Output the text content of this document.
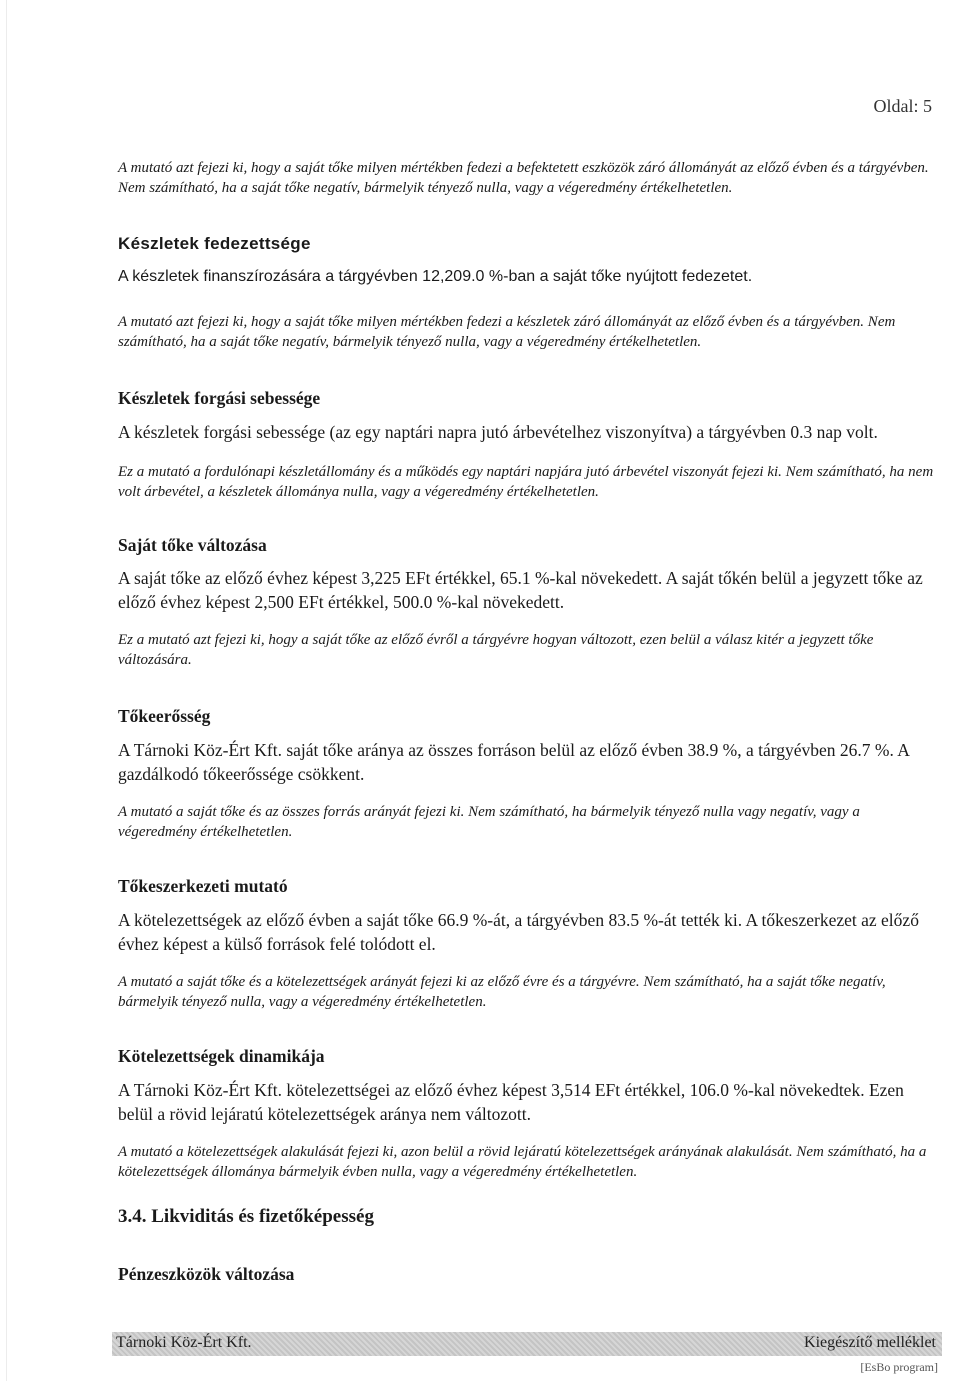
Oldal: 5
A mutató azt fejezi ki, hogy a saját tőke milyen mértékben fedezi a befektetett eszközök záró állományát az előző évben és a tárgyévben. Nem számítható, ha a saját tőke negatív, bármelyik tényező nulla, vagy a végeredmény értékelhetetlen.
Készletek fedezettsége
A készletek finanszírozására a tárgyévben 12,209.0 %-ban a saját tőke nyújtott fedezetet.
A mutató azt fejezi ki, hogy a saját tőke milyen mértékben fedezi a készletek záró állományát az előző évben és a tárgyévben. Nem számítható, ha a saját tőke negatív, bármelyik tényező nulla, vagy a végeredmény értékelhetetlen.
Készletek forgási sebessége
A készletek forgási sebessége (az egy naptári napra jutó árbevételhez viszonyítva) a tárgyévben 0.3 nap volt.
Ez a mutató a fordulónapi készletállomány és a működés egy naptári napjára jutó árbevétel viszonyát fejezi ki. Nem számítható, ha nem volt árbevétel, a készletek állománya nulla, vagy a végeredmény értékelhetetlen.
Saját tőke változása
A saját tőke az előző évhez képest 3,225 EFt értékkel, 65.1 %-kal növekedett. A saját tőkén belül a jegyzett tőke az előző évhez képest 2,500 EFt értékkel, 500.0 %-kal növekedett.
Ez a mutató azt fejezi ki, hogy a saját tőke az előző évről a tárgyévre hogyan változott, ezen belül a válasz kitér a jegyzett tőke változására.
Tőkeerősség
A Tárnoki Köz-Ért Kft. saját tőke aránya az összes forráson belül az előző évben 38.9 %, a tárgyévben 26.7 %. A gazdálkodó tőkeerőssége csökkent.
A mutató a saját tőke és az összes forrás arányát fejezi ki. Nem számítható, ha bármelyik tényező nulla vagy negatív, vagy a végeredmény értékelhetetlen.
Tőkeszerkezeti mutató
A kötelezettségek az előző évben a saját tőke 66.9 %-át, a tárgyévben 83.5 %-át tették ki. A tőkeszerkezet az előző évhez képest a külső források felé tolódott el.
A mutató a saját tőke és a kötelezettségek arányát fejezi ki az előző évre és a tárgyévre. Nem számítható, ha a saját tőke negatív, bármelyik tényező nulla, vagy a végeredmény értékelhetetlen.
Kötelezettségek dinamikája
A Tárnoki Köz-Ért Kft. kötelezettségei az előző évhez képest 3,514 EFt értékkel, 106.0 %-kal növekedtek. Ezen belül a rövid lejáratú kötelezettségek aránya nem változott.
A mutató a kötelezettségek alakulását fejezi ki, azon belül a rövid lejáratú kötelezettségek arányának alakulását. Nem számítható, ha a kötelezettségek állománya bármelyik évben nulla, vagy a végeredmény értékelhetetlen.
3.4. Likviditás és fizetőképesség
Pénzeszközök változása
Tárnoki Köz-Ért Kft.	Kiegészítő melléklet
[EsBo program]
